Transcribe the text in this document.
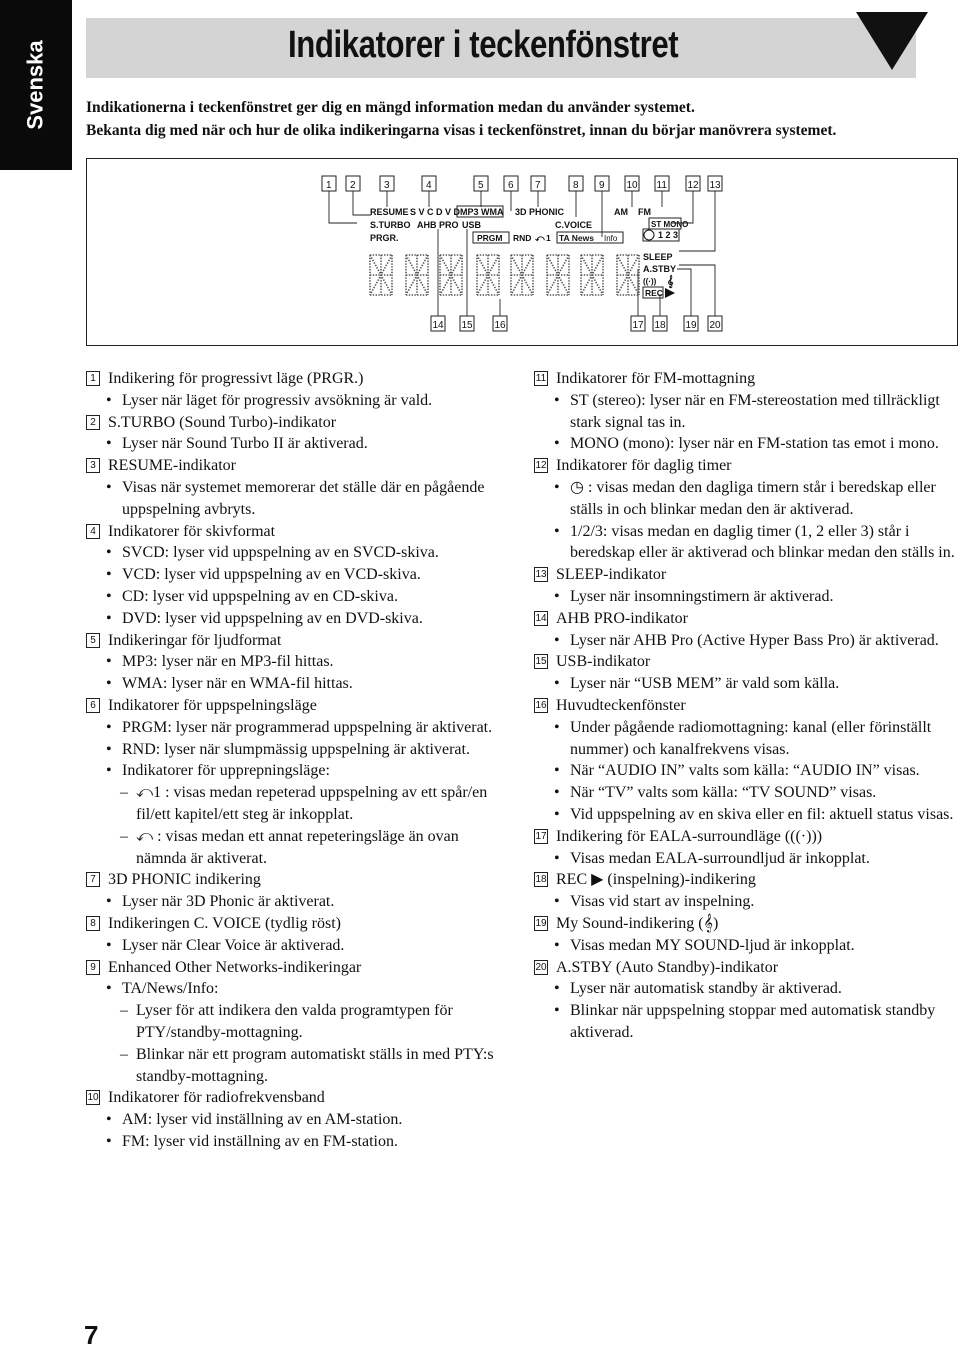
Svenska	Indikatorer i teckenfönstret
Indikationerna i teckenfönstret ger dig en mängd information medan du använder systemet.
Bekanta dig med när och hur de olika indikeringarna visas i teckenfönstret, innan du börjar manövrera systemet.
1 2	3	4	5 6 7	8 9 10 11 12 13
14 15 16	17 18 19 20
RESUME S V C D V D MP3 WMA 3D PHONIC	AM FM
S.TURBO AHB PRO USB	C.VOICE	ST MONO
PRGR.	PRGM RND ⤺ 1 TA News Info	1 2 3
SLEEP
A.STBY
((·)) 𝄞
REC
1 Indikering för progressivt läge (PRGR.)
• Lyser när läget för progressiv avsökning är vald.
2 S.TURBO (Sound Turbo)-indikator
• Lyser när Sound Turbo II är aktiverad.
3 RESUME-indikator
• Visas när systemet memorerar det ställe där en pågående uppspelning avbryts.
4 Indikatorer för skivformat
• SVCD: lyser vid uppspelning av en SVCD-skiva.
• VCD: lyser vid uppspelning av en VCD-skiva.
• CD: lyser vid uppspelning av en CD-skiva.
• DVD: lyser vid uppspelning av en DVD-skiva.
5 Indikeringar för ljudformat
• MP3: lyser när en MP3-fil hittas.
• WMA: lyser när en WMA-fil hittas.
6 Indikatorer för uppspelningsläge
• PRGM: lyser när programmerad uppspelning är aktiverat.
• RND: lyser när slumpmässig uppspelning är aktiverat.
• Indikatorer för upprepningsläge:
– ⤺1 : visas medan repeterad uppspelning av ett spår/en fil/ett kapitel/ett steg är inkopplat.
– ⤺ : visas medan ett annat repeteringsläge än ovan nämnda är aktiverat.
7 3D PHONIC indikering
• Lyser när 3D Phonic är aktiverat.
8 Indikeringen C. VOICE (tydlig röst)
• Lyser när Clear Voice är aktiverad.
9 Enhanced Other Networks-indikeringar
• TA/News/Info:
– Lyser för att indikera den valda programtypen för PTY/standby-mottagning.
– Blinkar när ett program automatiskt ställs in med PTY:s standby-mottagning.
10 Indikatorer för radiofrekvensband
• AM: lyser vid inställning av en AM-station.
• FM: lyser vid inställning av en FM-station.
11 Indikatorer för FM-mottagning
• ST (stereo): lyser när en FM-stereostation med tillräckligt stark signal tas in.
• MONO (mono): lyser när en FM-station tas emot i mono.
12 Indikatorer för daglig timer
• ◷ : visas medan den dagliga timern står i beredskap eller ställs in och blinkar medan den är aktiverad.
• 1/2/3: visas medan en daglig timer (1, 2 eller 3) står i beredskap eller är aktiverad och blinkar medan den ställs in.
13 SLEEP-indikator
• Lyser när insomningstimern är aktiverad.
14 AHB PRO-indikator
• Lyser när AHB Pro (Active Hyper Bass Pro) är aktiverad.
15 USB-indikator
• Lyser när “USB MEM” är vald som källa.
16 Huvudteckenfönster
• Under pågående radiomottagning: kanal (eller förinställt nummer) och kanalfrekvens visas.
• När “AUDIO IN” valts som källa: “AUDIO IN” visas.
• När “TV” valts som källa: “TV SOUND” visas.
• Vid uppspelning av en skiva eller en fil: aktuell status visas.
17 Indikering för EALA-surroundläge (((·)))
• Visas medan EALA-surroundljud är inkopplat.
18 REC ▶ (inspelning)-indikering
• Visas vid start av inspelning.
19 My Sound-indikering (𝄞)
• Visas medan MY SOUND-ljud är inkopplat.
20 A.STBY (Auto Standby)-indikator
• Lyser när automatisk standby är aktiverad.
• Blinkar när uppspelning stoppar med automatisk standby aktiverad.
7
